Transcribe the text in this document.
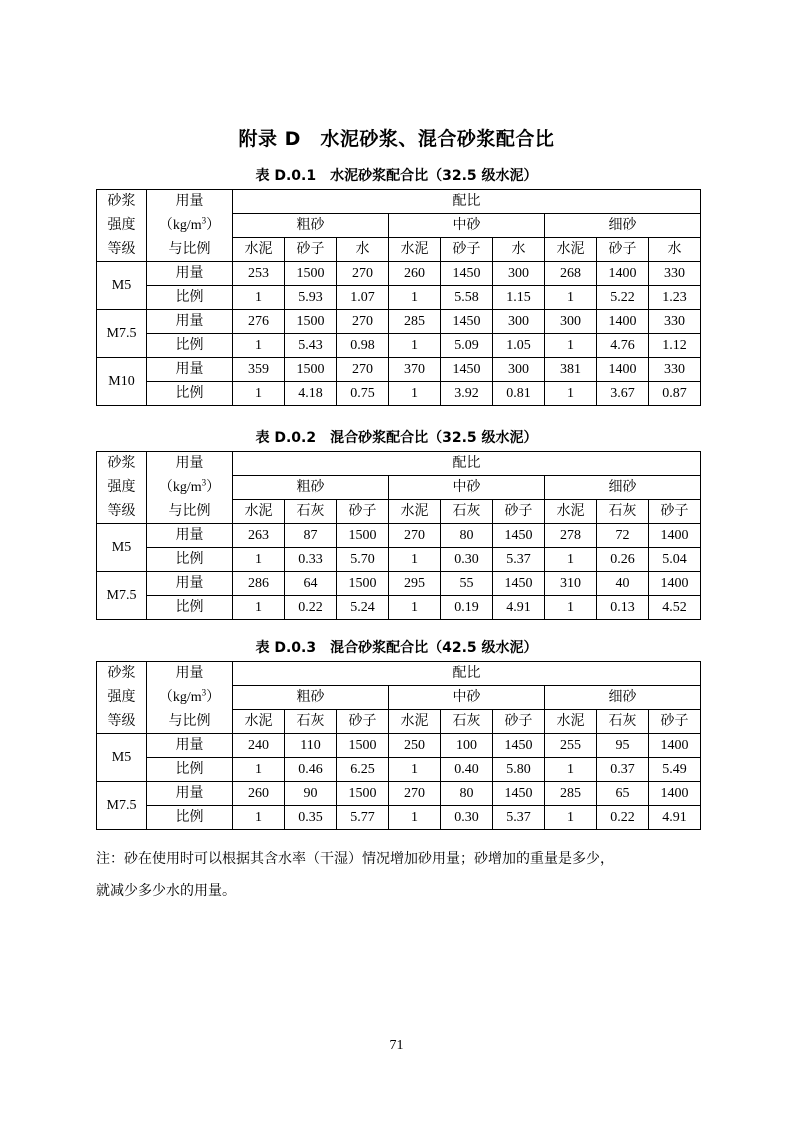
附录 D　水泥砂浆、混合砂浆配合比
表 D.0.1　水泥砂浆配合比（32.5 级水泥）
砂浆	用量	配比								
强度	$(kg/m^3)$	粗砂			中砂			细砂		
等级	与比例	水泥	砂子	水	水泥	砂子	水	水泥	砂子	水
M5	用量	253	1500	270	260	1450	300	268	1400	330
	比例	1	5.93	1.07	1	5.58	1.15	1	5.22	1.23
M7.5	用量	276	1500	270	285	1450	300	300	1400	330
	比例	1	5.43	0.98	1	5.09	1.05	1	4.76	1.12
M10	用量	359	1500	270	370	1450	300	381	1400	330
	比例	1	4.18	0.75	1	3.92	0.81	1	3.67	0.87
表 D.0.2　混合砂浆配合比（32.5 级水泥）
砂浆	用量	配比								
强度	$(kg/m^3)$	粗砂			中砂			细砂		
等级	与比例	水泥	石灰	砂子	水泥	石灰	砂子	水泥	石灰	砂子
M5	用量	263	87	1500	270	80	1450	278	72	1400
	比例	1	0.33	5.70	1	0.30	5.37	1	0.26	5.04
M7.5	用量	286	64	1500	295	55	1450	310	40	1400
	比例	1	0.22	5.24	1	0.19	4.91	1	0.13	4.52
表 D.0.3　混合砂浆配合比（42.5 级水泥）
砂浆	用量	配比								
强度	$(kg/m^3)$	粗砂			中砂			细砂		
等级	与比例	水泥	石灰	砂子	水泥	石灰	砂子	水泥	石灰	砂子
M5	用量	240	110	1500	250	100	1450	255	95	1400
	比例	1	0.46	6.25	1	0.40	5.80	1	0.37	5.49
M7.5	用量	260	90	1500	270	80	1450	285	65	1400
	比例	1	0.35	5.77	1	0.30	5.37	1	0.22	4.91
注：砂在使用时可以根据其含水率（干湿）情况增加砂用量；砂增加的重量是多少，
就减少多少水的用量。
71
